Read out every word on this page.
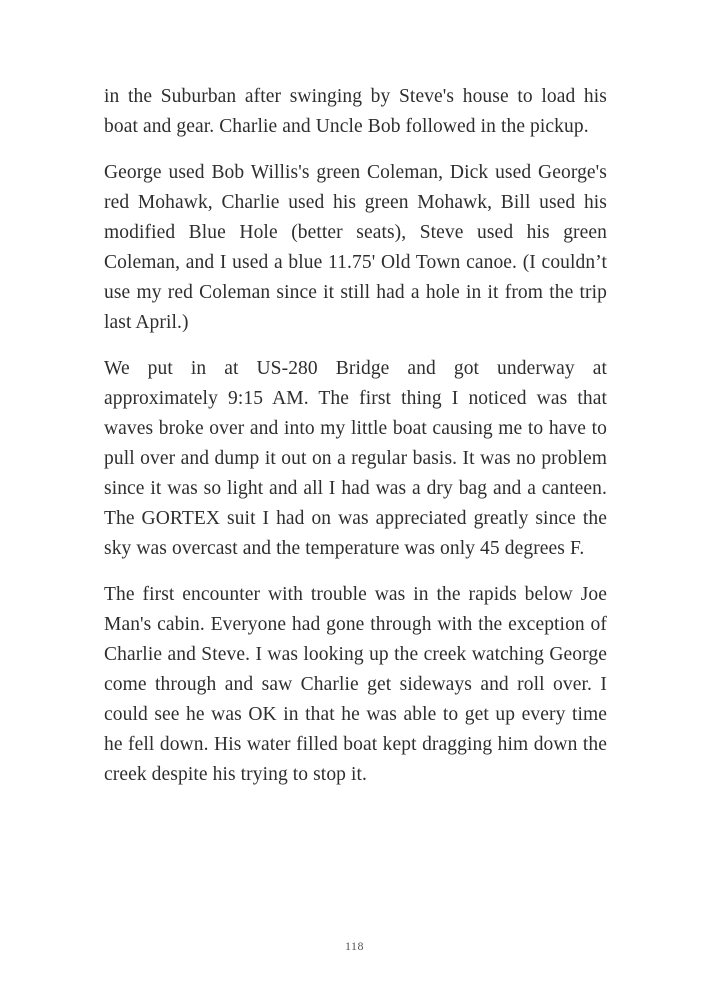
in the Suburban after swinging by Steve's house to load his boat and gear. Charlie and Uncle Bob followed in the pickup.

George used Bob Willis's green Coleman, Dick used George's red Mohawk, Charlie used his green Mohawk, Bill used his modified Blue Hole (better seats), Steve used his green Coleman, and I used a blue 11.75' Old Town canoe. (I couldn’t use my red Coleman since it still had a hole in it from the trip last April.)

We put in at US-280 Bridge and got underway at approximately 9:15 AM. The first thing I noticed was that waves broke over and into my little boat causing me to have to pull over and dump it out on a regular basis. It was no problem since it was so light and all I had was a dry bag and a canteen. The GORTEX suit I had on was appreciated greatly since the sky was overcast and the temperature was only 45 degrees F.

The first encounter with trouble was in the rapids below Joe Man's cabin. Everyone had gone through with the exception of Charlie and Steve. I was looking up the creek watching George come through and saw Charlie get sideways and roll over. I could see he was OK in that he was able to get up every time he fell down. His water filled boat kept dragging him down the creek despite his trying to stop it.

118
